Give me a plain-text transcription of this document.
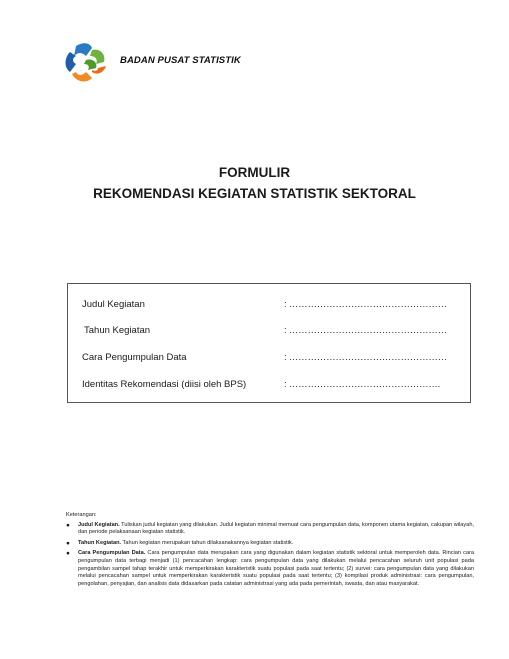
BADAN PUSAT STATISTIK
FORMULIR
REKOMENDASI KEGIATAN STATISTIK SEKTORAL
Judul Kegiatan	: ……………………………………………
Tahun Kegiatan	: ……………………………………………
Cara Pengumpulan Data	: ……………………………………………
Identitas Rekomendasi (diisi oleh BPS)	: ………………………………………….
Keterangan:
● Judul Kegiatan. Tuliskan judul kegiatan yang dilakukan. Judul kegiatan minimal memuat cara pengumpulan data, komponen utama kegiatan, cakupan wilayah, dan periode pelaksanaan kegiatan statistik.
● Tahun Kegiatan. Tahun kegiatan merupakan tahun dilaksanakannya kegiatan statistik.
● Cara Pengumpulan Data. Cara pengumpulan data merupakan cara yang digunakan dalam kegiatan statistik sektoral untuk memperoleh data. Rincian cara pengumpulan data terbagi menjadi (1) pencacahan lengkap: cara pengumpulan data yang dilakukan melalui pencacahan seluruh unit populasi pada pengambilan sampel tahap terakhir untuk memperkirakan karakteristik suatu populasi pada saat tertentu; (2) survei: cara pengumpulan data yang dilakukan melalui pencacahan sampel untuk memperkirakan karakteristik suatu populasi pada saat tertentu; (3) kompilasi produk administrasi: cara pengumpulan, pengolahan, penyajian, dan analisis data didasarkan pada catatan administrasi yang ada pada pemerintah, swasta, dan atau masyarakat.
